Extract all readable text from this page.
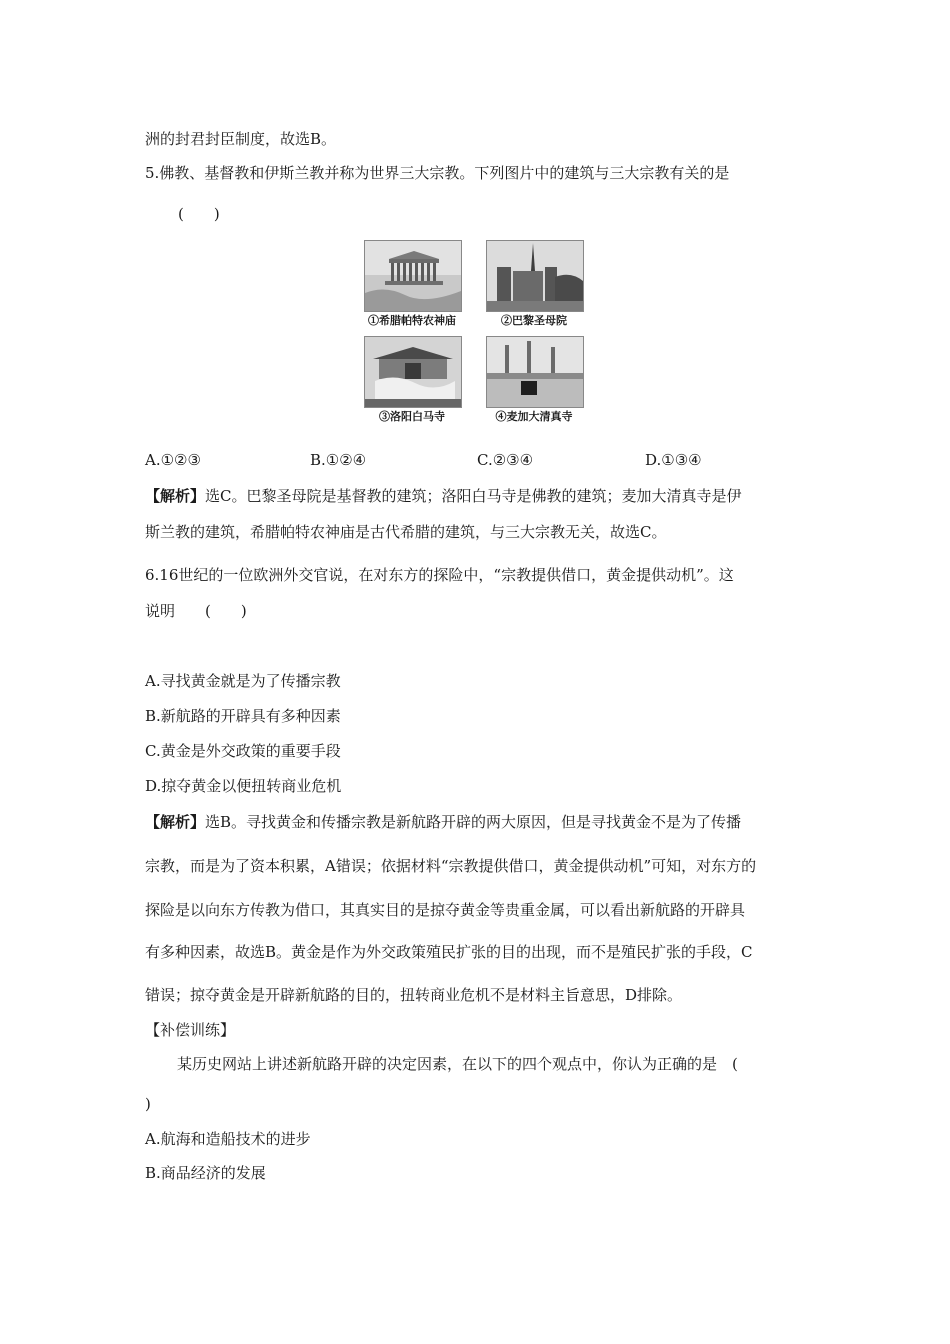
洲的封君封臣制度，故选B。
5.佛教、基督教和伊斯兰教并称为世界三大宗教。下列图片中的建筑与三大宗教有关的是
(　　)
①希腊帕特农神庙	②巴黎圣母院
③洛阳白马寺	④麦加大清真寺
A.①②③	B.①②④	C.②③④	D.①③④
【解析】选C。巴黎圣母院是基督教的建筑；洛阳白马寺是佛教的建筑；麦加大清真寺是伊
斯兰教的建筑，希腊帕特农神庙是古代希腊的建筑，与三大宗教无关，故选C。
6.16世纪的一位欧洲外交官说，在对东方的探险中，“宗教提供借口，黄金提供动机”。这
说明　　(　　)
A.寻找黄金就是为了传播宗教
B.新航路的开辟具有多种因素
C.黄金是外交政策的重要手段
D.掠夺黄金以便扭转商业危机
【解析】选B。寻找黄金和传播宗教是新航路开辟的两大原因，但是寻找黄金不是为了传播
宗教，而是为了资本积累，A错误；依据材料“宗教提供借口，黄金提供动机”可知，对东方的
探险是以向东方传教为借口，其真实目的是掠夺黄金等贵重金属，可以看出新航路的开辟具
有多种因素，故选B。黄金是作为外交政策殖民扩张的目的出现，而不是殖民扩张的手段，C
错误；掠夺黄金是开辟新航路的目的，扭转商业危机不是材料主旨意思，D排除。
【补偿训练】
某历史网站上讲述新航路开辟的决定因素，在以下的四个观点中，你认为正确的是　(
)
A.航海和造船技术的进步
B.商品经济的发展
